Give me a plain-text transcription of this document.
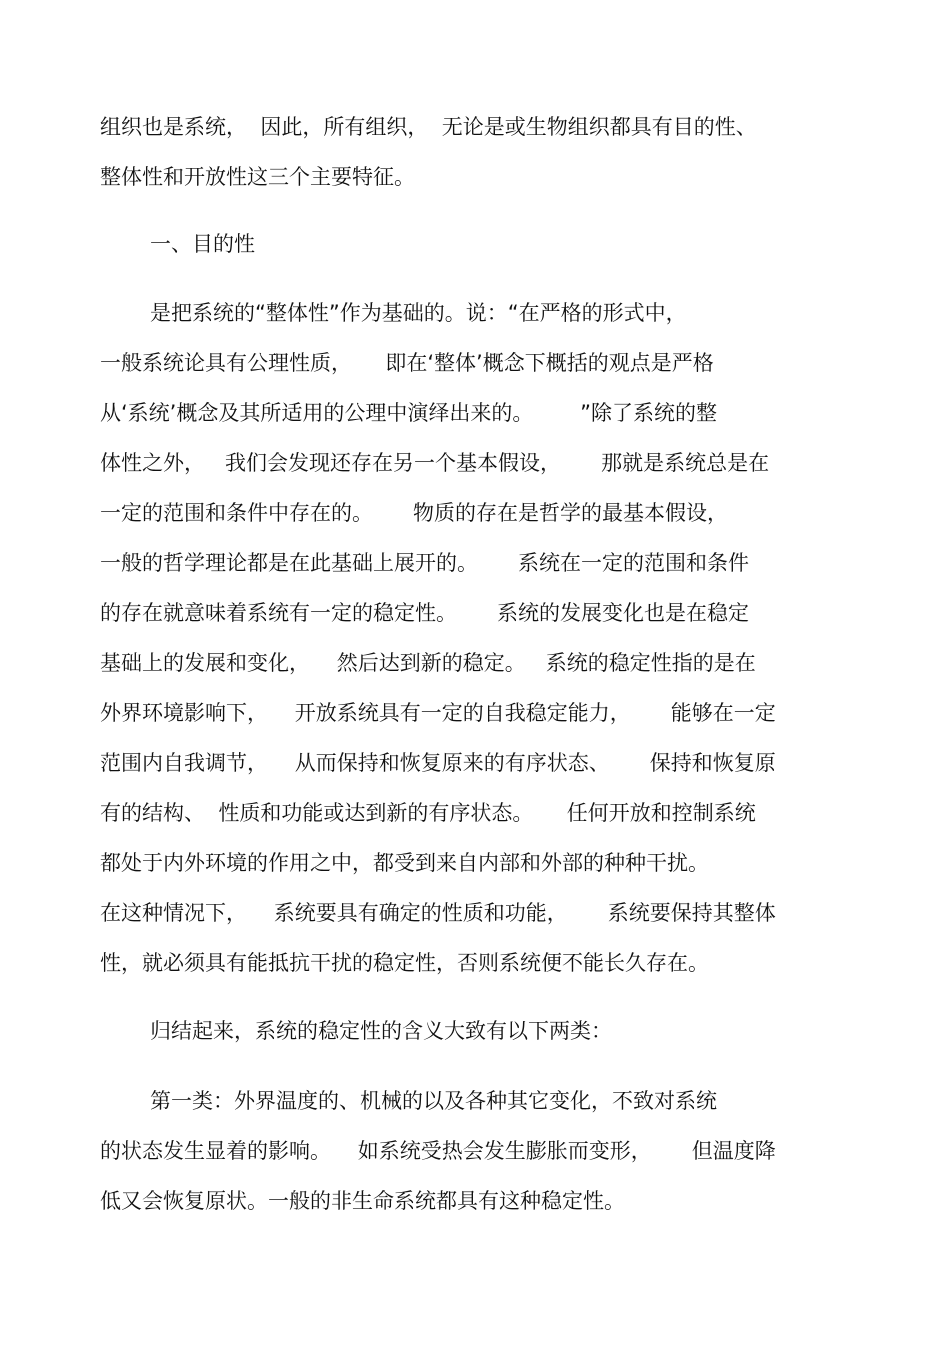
组织也是系统，  因此，所有组织，  无论是或生物组织都具有目的性、

整体性和开放性这三个主要特征。

一、目的性

是把系统的“整体性”作为基础的。说：“在严格的形式中，

一般系统论具有公理性质，     即在‘整体’概念下概括的观点是严格

从‘系统’概念及其所适用的公理中演绎出来的。       ”除了系统的整

体性之外，   我们会发现还存在另一个基本假设，      那就是系统总是在

一定的范围和条件中存在的。      物质的存在是哲学的最基本假设，

一般的哲学理论都是在此基础上展开的。      系统在一定的范围和条件

的存在就意味着系统有一定的稳定性。      系统的发展变化也是在稳定

基础上的发展和变化，    然后达到新的稳定。   系统的稳定性指的是在

外界环境影响下，    开放系统具有一定的自我稳定能力，      能够在一定

范围内自我调节，    从而保持和恢复原来的有序状态、      保持和恢复原

有的结构、  性质和功能或达到新的有序状态。     任何开放和控制系统

都处于内外环境的作用之中，都受到来自内部和外部的种种干扰。

在这种情况下，    系统要具有确定的性质和功能，      系统要保持其整体

性，就必须具有能抵抗干扰的稳定性，否则系统便不能长久存在。

归结起来，系统的稳定性的含义大致有以下两类：

第一类：外界温度的、机械的以及各种其它变化，不致对系统

的状态发生显着的影响。    如系统受热会发生膨胀而变形，      但温度降

低又会恢复原状。一般的非生命系统都具有这种稳定性。
